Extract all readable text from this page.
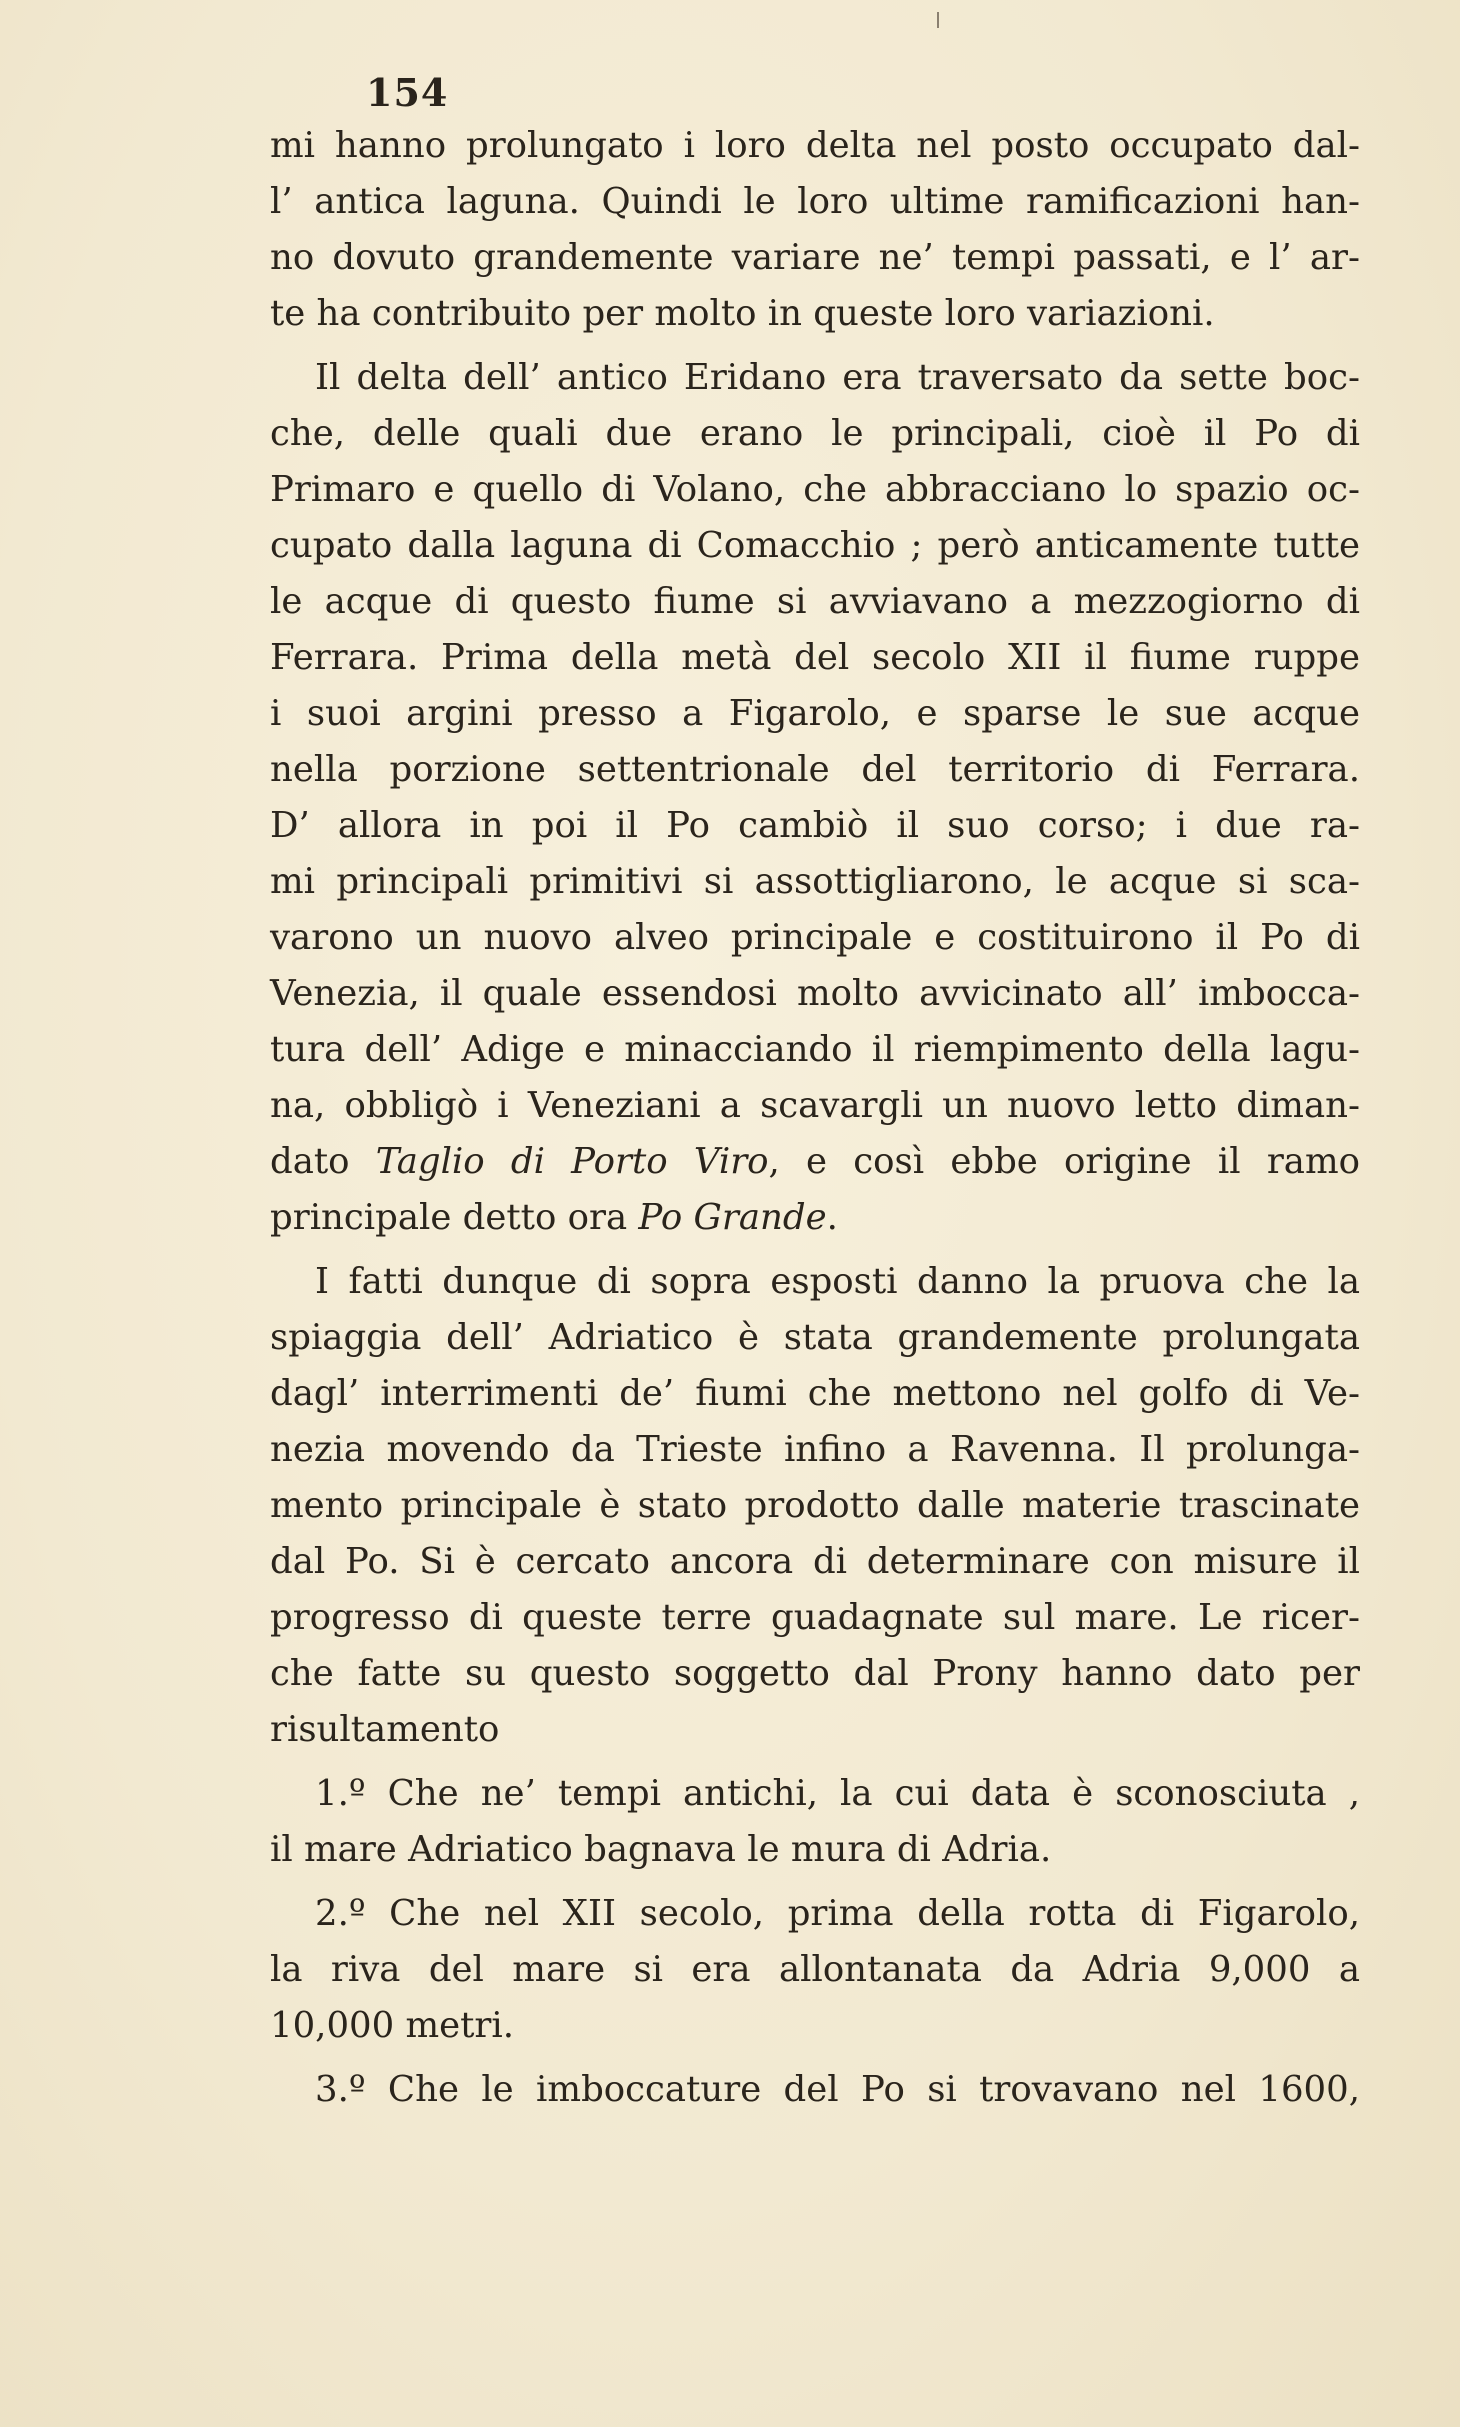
154
mi hanno prolungato i loro delta nel posto occupato dal-
l’ antica laguna. Quindi le loro ultime ramificazioni han-
no dovuto grandemente variare ne’ tempi passati, e l’ ar-
te ha contribuito per molto in queste loro variazioni.
Il delta dell’ antico Eridano era traversato da sette boc-
che, delle quali due erano le principali, cioè il Po di
Primaro e quello di Volano, che abbracciano lo spazio oc-
cupato dalla laguna di Comacchio ; però anticamente tutte
le acque di questo fiume si avviavano a mezzogiorno di
Ferrara. Prima della metà del secolo XII il fiume ruppe
i suoi argini presso a Figarolo, e sparse le sue acque
nella porzione settentrionale del territorio di Ferrara.
D’ allora in poi il Po cambiò il suo corso; i due ra-
mi principali primitivi si assottigliarono, le acque si sca-
varono un nuovo alveo principale e costituirono il Po di
Venezia, il quale essendosi molto avvicinato all’ imbocca-
tura dell’ Adige e minacciando il riempimento della lagu-
na, obbligò i Veneziani a scavargli un nuovo letto diman-
dato Taglio di Porto Viro, e così ebbe origine il ramo
principale detto ora Po Grande.
I fatti dunque di sopra esposti danno la pruova che la
spiaggia dell’ Adriatico è stata grandemente prolungata
dagl’ interrimenti de’ fiumi che mettono nel golfo di Ve-
nezia movendo da Trieste infino a Ravenna. Il prolunga-
mento principale è stato prodotto dalle materie trascinate
dal Po. Si è cercato ancora di determinare con misure il
progresso di queste terre guadagnate sul mare. Le ricer-
che fatte su questo soggetto dal Prony hanno dato per
risultamento
1.º Che ne’ tempi antichi, la cui data è sconosciuta ,
il mare Adriatico bagnava le mura di Adria.
2.º Che nel XII secolo, prima della rotta di Figarolo,
la riva del mare si era allontanata da Adria 9,000 a
10,000 metri.
3.º Che le imboccature del Po si trovavano nel 1600,
